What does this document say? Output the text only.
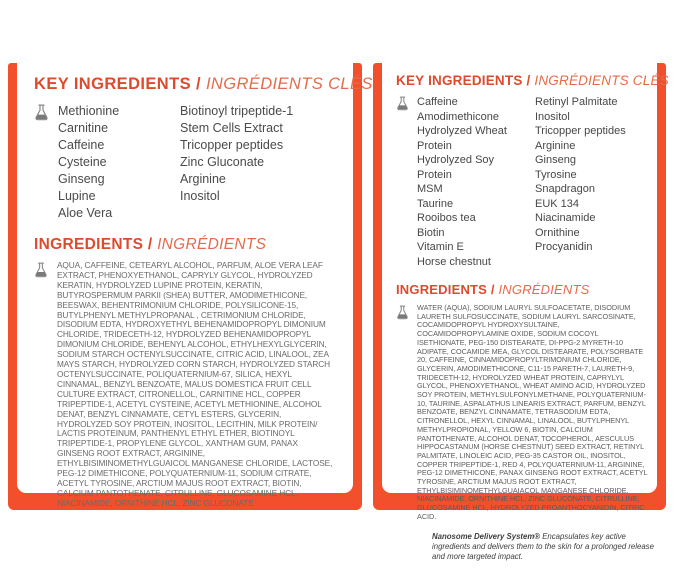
KEY INGREDIENTS / INGRÉDIENTS CLÉS
Methionine
Carnitine
Caffeine
Cysteine
Ginseng
Lupine
Aloe Vera
Biotinoyl tripeptide-1
Stem Cells Extract
Tricopper peptides
Zinc Gluconate
Arginine
Inositol
INGREDIENTS / INGRÉDIENTS

AQUA, CAFFEINE, CETEARYL ALCOHOL, PARFUM, ALOE VERA LEAF EXTRACT, PHENOXYETHANOL, CAPRYLY GLYCOL, HYDROLYZED KERATIN, HYDROLYZED LUPINE PROTEIN, KERATIN, BUTYROSPERMUM PARKII (SHEA) BUTTER, AMODIMETHICONE, BEESWAX, BEHENTRIMONIUM CHLORIDE, POLYSILICONE-15, BUTYLPHENYL METHYLPROPANAL , CETRIMONIUM CHLORIDE, DISODIUM EDTA, HYDROXYETHYL BEHENAMIDOPROPYL DIMONIUM CHLORIDE, TRIDECETH-12, HYDROLYZED BEHENAMIDOPROPYL DIMONIUM CHLORIDE, BEHENYL ALCOHOL, ETHYLHEXYLGLYCERIN, SODIUM STARCH OCTENYLSUCCINATE, CITRIC ACID, LINALOOL, ZEA MAYS STARCH, HYDROLYZED CORN STARCH, HYDROLYZED STARCH OCTENYLSUCCINATE, POLIQUATERNIUM-67, SILICA, HEXYL CINNAMAL, BENZYL BENZOATE, MALUS DOMESTICA FRUIT CELL CULTURE EXTRACT, CITRONELLOL, CARNITINE HCL, COPPER TRIPEPTIDE-1, ACETYL CYSTEINE, ACETYL METHIONINE, ALCOHOL DENAT, BENZYL CINNAMATE, CETYL ESTERS, GLYCERIN, HYDROLYZED SOY PROTEIN, INOSITOL, LECITHIN, MILK PROTEIN/ LACTIS PROTEINUM, PANTHENYL ETHYL ETHER, BIOTINOYL TRIPEPTIDE-1, PROPYLENE GLYCOL, XANTHAM GUM, PANAX GINSENG ROOT EXTRACT, ARGININE, ETHYLBISIMINOMETHYLGUAICOL MANGANESE CHLORIDE, LACTOSE, PEG-12 DIMETHICONE, POLYQUATERNIUM-11, SODIUM CITRATE, ACETYL TYROSINE, ARCTIUM MAJUS ROOT EXTRACT, BIOTIN, CALCIUM PANTOTHENATE, CITRULLINE, GLUCOSAMINE HCL, NIACINAMIDE, ORNITHINE HCL, ZINC GLUCONATE

KEY INGREDIENTS / INGRÉDIENTS CLÉS
Caffeine
Amodimethicone
Hydrolyzed Wheat Protein
Hydrolyzed Soy Protein
MSM
Taurine
Rooibos tea
Biotin
Vitamin E
Horse chestnut
Retinyl Palmitate
Inositol
Tricopper peptides
Arginine
Ginseng
Tyrosine
Snapdragon
EUK 134
Niacinamide
Ornithine
Procyanidin
INGREDIENTS / INGRÉDIENTS

WATER (AQUA), SODIUM LAURYL SULFOACETATE, DISODIUM LAURETH SULFOSUCCINATE, SODIUM LAURYL SARCOSINATE, COCAMIDOPROPYL HYDROXYSULTAINE, COCAMIDOPROPYLAMINE OXIDE, SODIUM COCOYL ISETHIONATE, PEG-150 DISTEARATE, DI-PPG-2 MYRETH-10 ADIPATE, COCAMIDE MEA, GLYCOL DISTEARATE, POLYSORBATE 20, CAFFEINE, CINNAMIDOPROPYLTRIMONIUM CHLORIDE, GLYCERIN, AMODIMETHICONE, C11-15 PARETH-7, LAURETH-9, TRIDECETH-12, HYDROLYZED WHEAT PROTEIN, CAPRYLYL GLYCOL, PHENOXYETHANOL, WHEAT AMINO ACID, HYDROLYZED SOY PROTEIN, METHYLSULFONYLMETHANE, POLYQUATERNIUM-10, TAURINE, ASPALATHUS LINEARIS EXTRACT, PARFUM, BENZYL BENZOATE, BENZYL CINNAMATE, TETRASODIUM EDTA, CITRONELLOL, HEXYL CINNAMAL, LINALOOL, BUTYLPHENYL METHYLPROPIONAL, YELLOW 6, BIOTIN, CALCIUM PANTOTHENATE, ALCOHOL DENAT, TOCOPHEROL, AESCULUS HIPPOCASTANUM (HORSE CHESTNUT) SEED EXTRACT, RETINYL PALMITATE, LINOLEIC ACID, PEG-35 CASTOR OIL, INOSITOL, COPPER TRIPEPTIDE-1, RED 4, POLYQUATERNIUM-11, ARGININE, PEG-12 DIMETHICONE, PANAX GINSENG ROOT EXTRACT, ACETYL TYROSINE, ARCTIUM MAJUS ROOT EXTRACT, ETHYLBISIMINOMETHYLGUAIACOL MANGANESE CHLORIDE, NIACINAMIDE, ORNITHINE HCL, ZINC GLUCONATE, CITRULLINE, GLUCOSAMINE HCL, HYDROLYZED PROANTHOCYANIDIN, CITRIC ACID.

Nanosome Delivery System® Encapsulates key active ingredients and delivers them to the skin for a prolonged release and more targeted impact.
